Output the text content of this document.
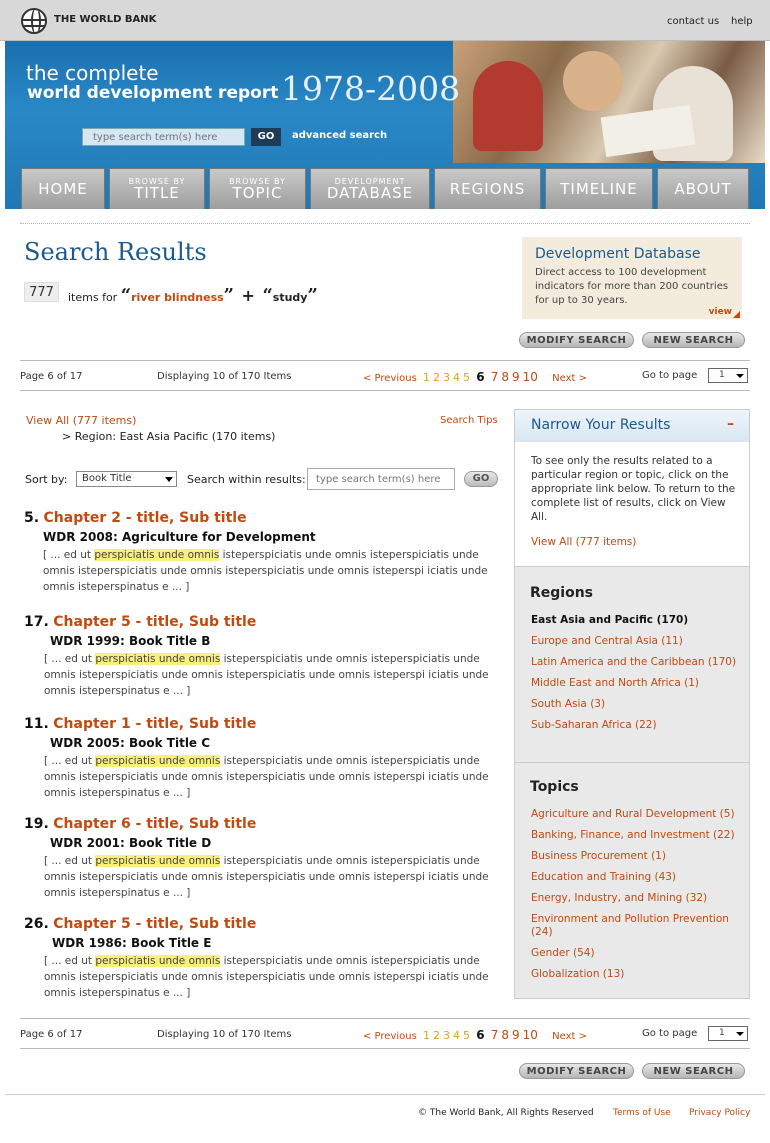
THE WORLD BANK	contact us help
the complete
world development report 1978-2008
type search term(s) here
GO	advanced search
HOME	BROWSE BY
TITLE
BROWSE BY
TOPIC
DEVELOPMENT
DATABASE	REGIONS	TIMELINE	ABOUT
Search Results
777	items for “river blindness” + “study”
Development Database
Direct access to 100 development indicators for more than 200 countries for up to 30 years.
view
MODIFY SEARCH	NEW SEARCH
Page 6 of 17	Displaying 10 of 170 Items	< Previous 1 2 3 4 5 6 7 8 9 10 Next >	Go to page	1
View All (777 items)	Search Tips
> Region: East Asia Pacific (170 items)
Sort by:	Book Title	Search within results:
type search term(s) here	GO
5. Chapter 2 - title, Sub title
WDR 2008: Agriculture for Development
[ ... ed ut perspiciatis unde omnis isteperspiciatis unde omnis isteperspiciatis unde omnis isteperspiciatis unde omnis isteperspiciatis unde omnis isteperspi iciatis unde omnis isteperspinatus e ... ]
17. Chapter 5 - title, Sub title
WDR 1999: Book Title B
[ ... ed ut perspiciatis unde omnis isteperspiciatis unde omnis isteperspiciatis unde omnis isteperspiciatis unde omnis isteperspiciatis unde omnis isteperspi iciatis unde omnis isteperspinatus e ... ]
11. Chapter 1 - title, Sub title
WDR 2005: Book Title C
[ ... ed ut perspiciatis unde omnis isteperspiciatis unde omnis isteperspiciatis unde omnis isteperspiciatis unde omnis isteperspiciatis unde omnis isteperspi iciatis unde omnis isteperspinatus e ... ]
19. Chapter 6 - title, Sub title
WDR 2001: Book Title D
[ ... ed ut perspiciatis unde omnis isteperspiciatis unde omnis isteperspiciatis unde omnis isteperspiciatis unde omnis isteperspiciatis unde omnis isteperspi iciatis unde omnis isteperspinatus e ... ]
26. Chapter 5 - title, Sub title
WDR 1986: Book Title E
[ ... ed ut perspiciatis unde omnis isteperspiciatis unde omnis isteperspiciatis unde omnis isteperspiciatis unde omnis isteperspiciatis unde omnis isteperspi iciatis unde omnis isteperspinatus e ... ]
Narrow Your Results	–
To see only the results related to a particular region or topic, click on the appropriate link below. To return to the complete list of results, click on View All.
View All (777 items)
Regions
East Asia and Pacific (170)
Europe and Central Asia (11)
Latin America and the Caribbean (170)
Middle East and North Africa (1)
South Asia (3)
Sub-Saharan Africa (22)
Topics
Agriculture and Rural Development (5)
Banking, Finance, and Investment (22)
Business Procurement (1)
Education and Training (43)
Energy, Industry, and Mining (32)
Environment and Pollution Prevention (24)
Gender (54)
Globalization (13)
Page 6 of 17	Displaying 10 of 170 Items	< Previous 1 2 3 4 5 6 7 8 9 10 Next >	Go to page	1
MODIFY SEARCH	NEW SEARCH
© The World Bank, All Rights Reserved Terms of Use Privacy Policy
